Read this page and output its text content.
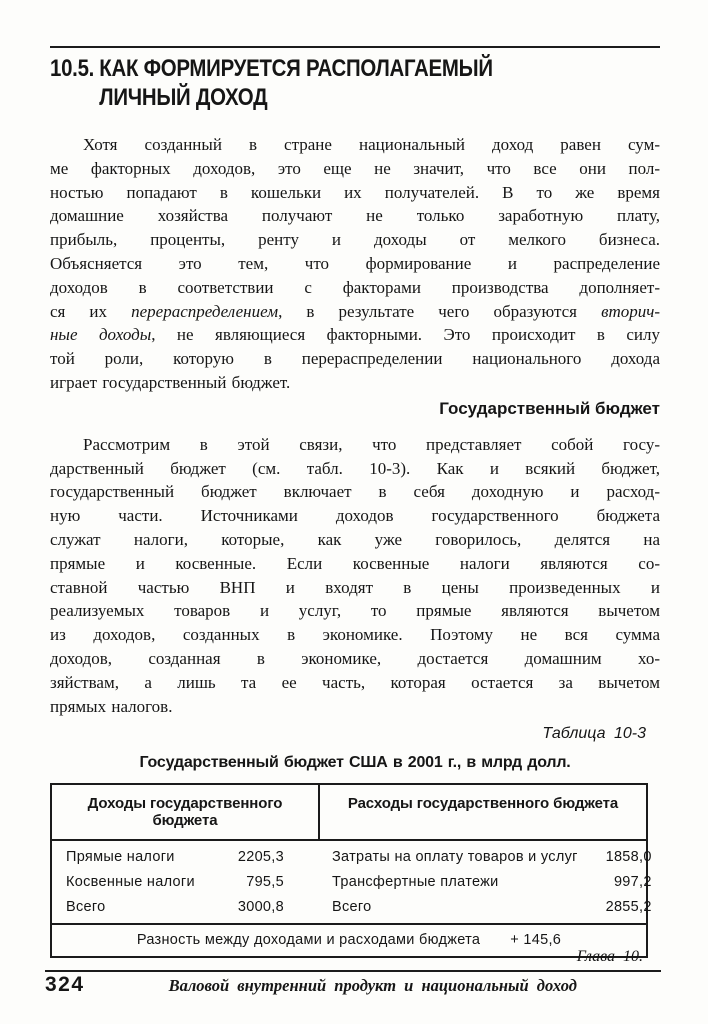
10.5. КАК ФОРМИРУЕТСЯ РАСПОЛАГАЕМЫЙ
ЛИЧНЫЙ ДОХОД
Хотя созданный в стране национальный доход равен сум-
ме факторных доходов, это еще не значит, что все они пол-
ностью попадают в кошельки их получателей. В то же время
домашние хозяйства получают не только заработную плату,
прибыль, проценты, ренту и доходы от мелкого бизнеса.
Объясняется это тем, что формирование и распределение
доходов в соответствии с факторами производства дополняет-
ся их перераспределением, в результате чего образуются вторич-
ные доходы, не являющиеся факторными. Это происходит в силу
той роли, которую в перераспределении национального дохода
играет государственный бюджет.
Государственный бюджет
Рассмотрим в этой связи, что представляет собой госу-
дарственный бюджет (см. табл. 10-3). Как и всякий бюджет,
государственный бюджет включает в себя доходную и расход-
ную части. Источниками доходов государственного бюджета
служат налоги, которые, как уже говорилось, делятся на
прямые и косвенные. Если косвенные налоги являются со-
ставной частью ВНП и входят в цены произведенных и
реализуемых товаров и услуг, то прямые являются вычетом
из доходов, созданных в экономике. Поэтому не вся сумма
доходов, созданная в экономике, достается домашним хо-
зяйствам, а лишь та ее часть, которая остается за вычетом
прямых налогов.
Таблица 10-3
Государственный бюджет США в 2001 г., в млрд долл.
Доходы государственного бюджета
Расходы государственного бюджета
Прямые налоги	2205,3	Затраты на оплату товаров и услуг	1858,0
Косвенные налоги	795,5	Трансфертные платежи	997,2
Всего	3000,8	Всего	2855,2
Разность между доходами и расходами бюджета + 145,6
Глава 10.
324	Валовой внутренний продукт и национальный доход
